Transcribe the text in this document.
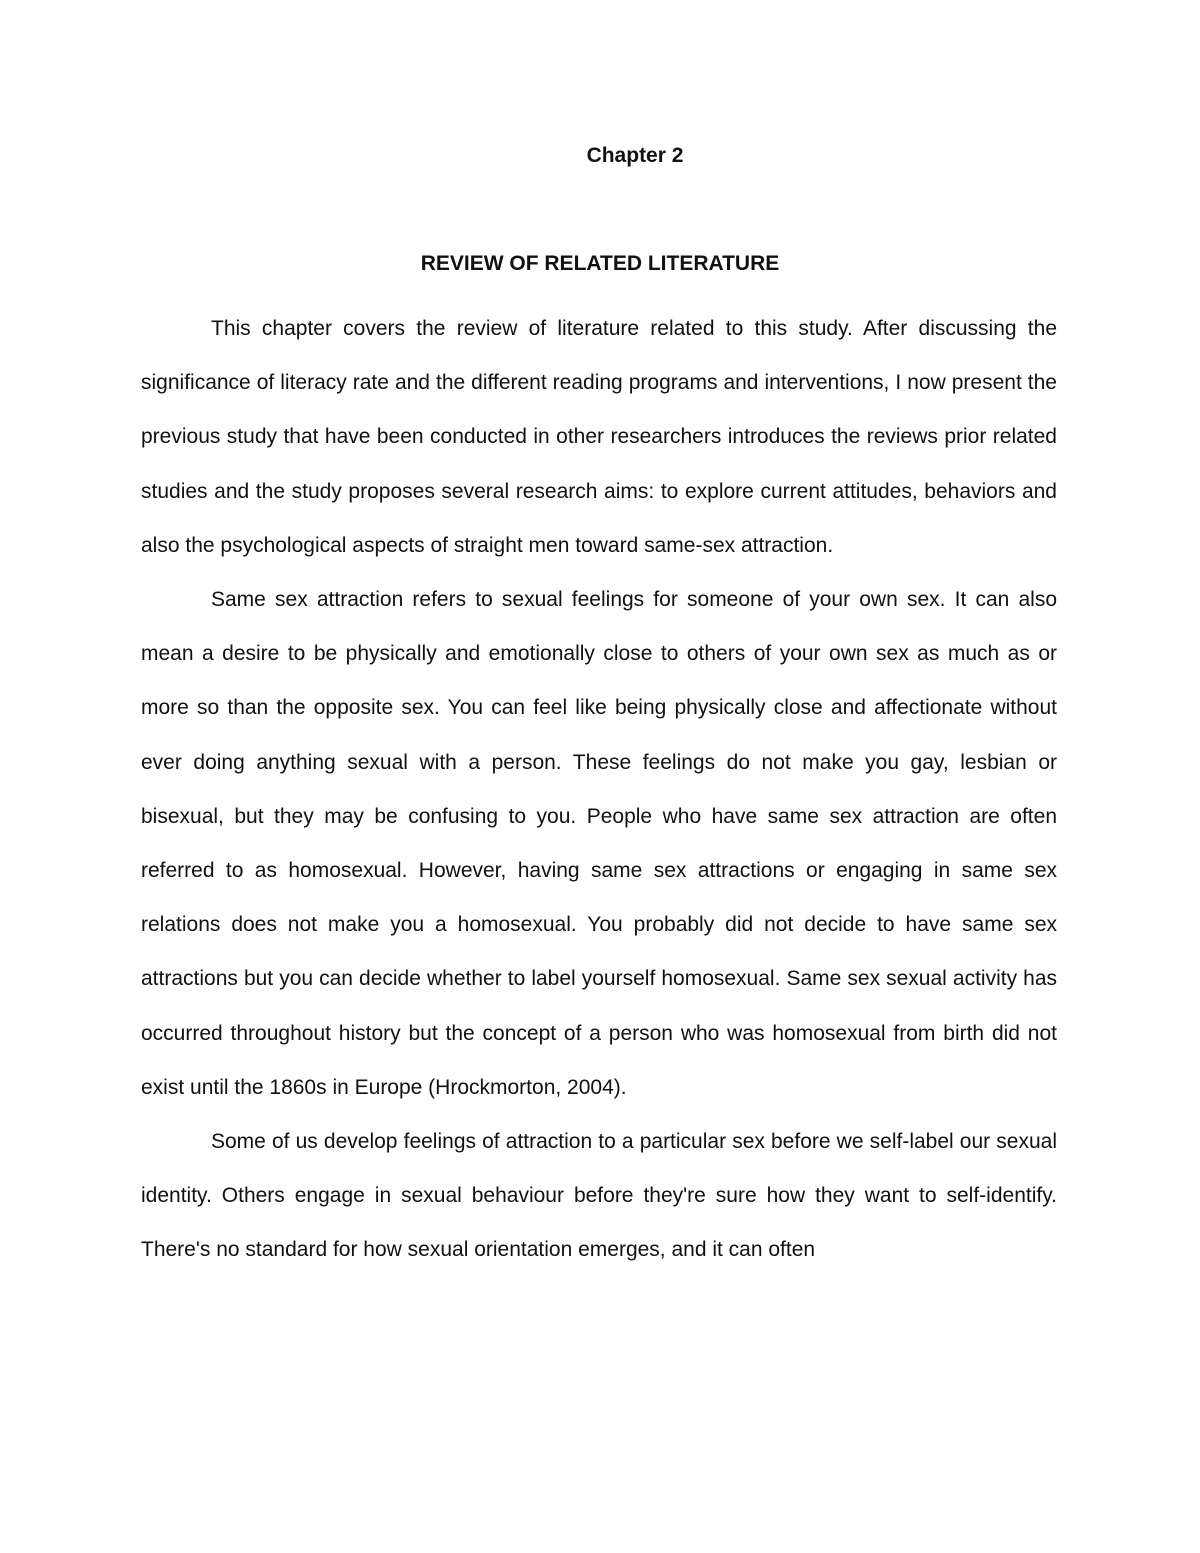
Chapter 2
REVIEW OF RELATED LITERATURE

This chapter covers the review of literature related to this study. After discussing the significance of literacy rate and the different reading programs and interventions, I now present the previous study that have been conducted in other researchers introduces the reviews prior related studies and the study proposes several research aims: to explore current attitudes, behaviors and also the psychological aspects of straight men toward same-sex attraction.

Same sex attraction refers to sexual feelings for someone of your own sex. It can also mean a desire to be physically and emotionally close to others of your own sex as much as or more so than the opposite sex. You can feel like being physically close and affectionate without ever doing anything sexual with a person. These feelings do not make you gay, lesbian or bisexual, but they may be confusing to you. People who have same sex attraction are often referred to as homosexual. However, having same sex attractions or engaging in same sex relations does not make you a homosexual. You probably did not decide to have same sex attractions but you can decide whether to label yourself homosexual. Same sex sexual activity has occurred throughout history but the concept of a person who was homosexual from birth did not exist until the 1860s in Europe (Hrockmorton, 2004).

Some of us develop feelings of attraction to a particular sex before we self-label our sexual identity. Others engage in sexual behaviour before they're sure how they want to self-identify. There's no standard for how sexual orientation emerges, and it can often
